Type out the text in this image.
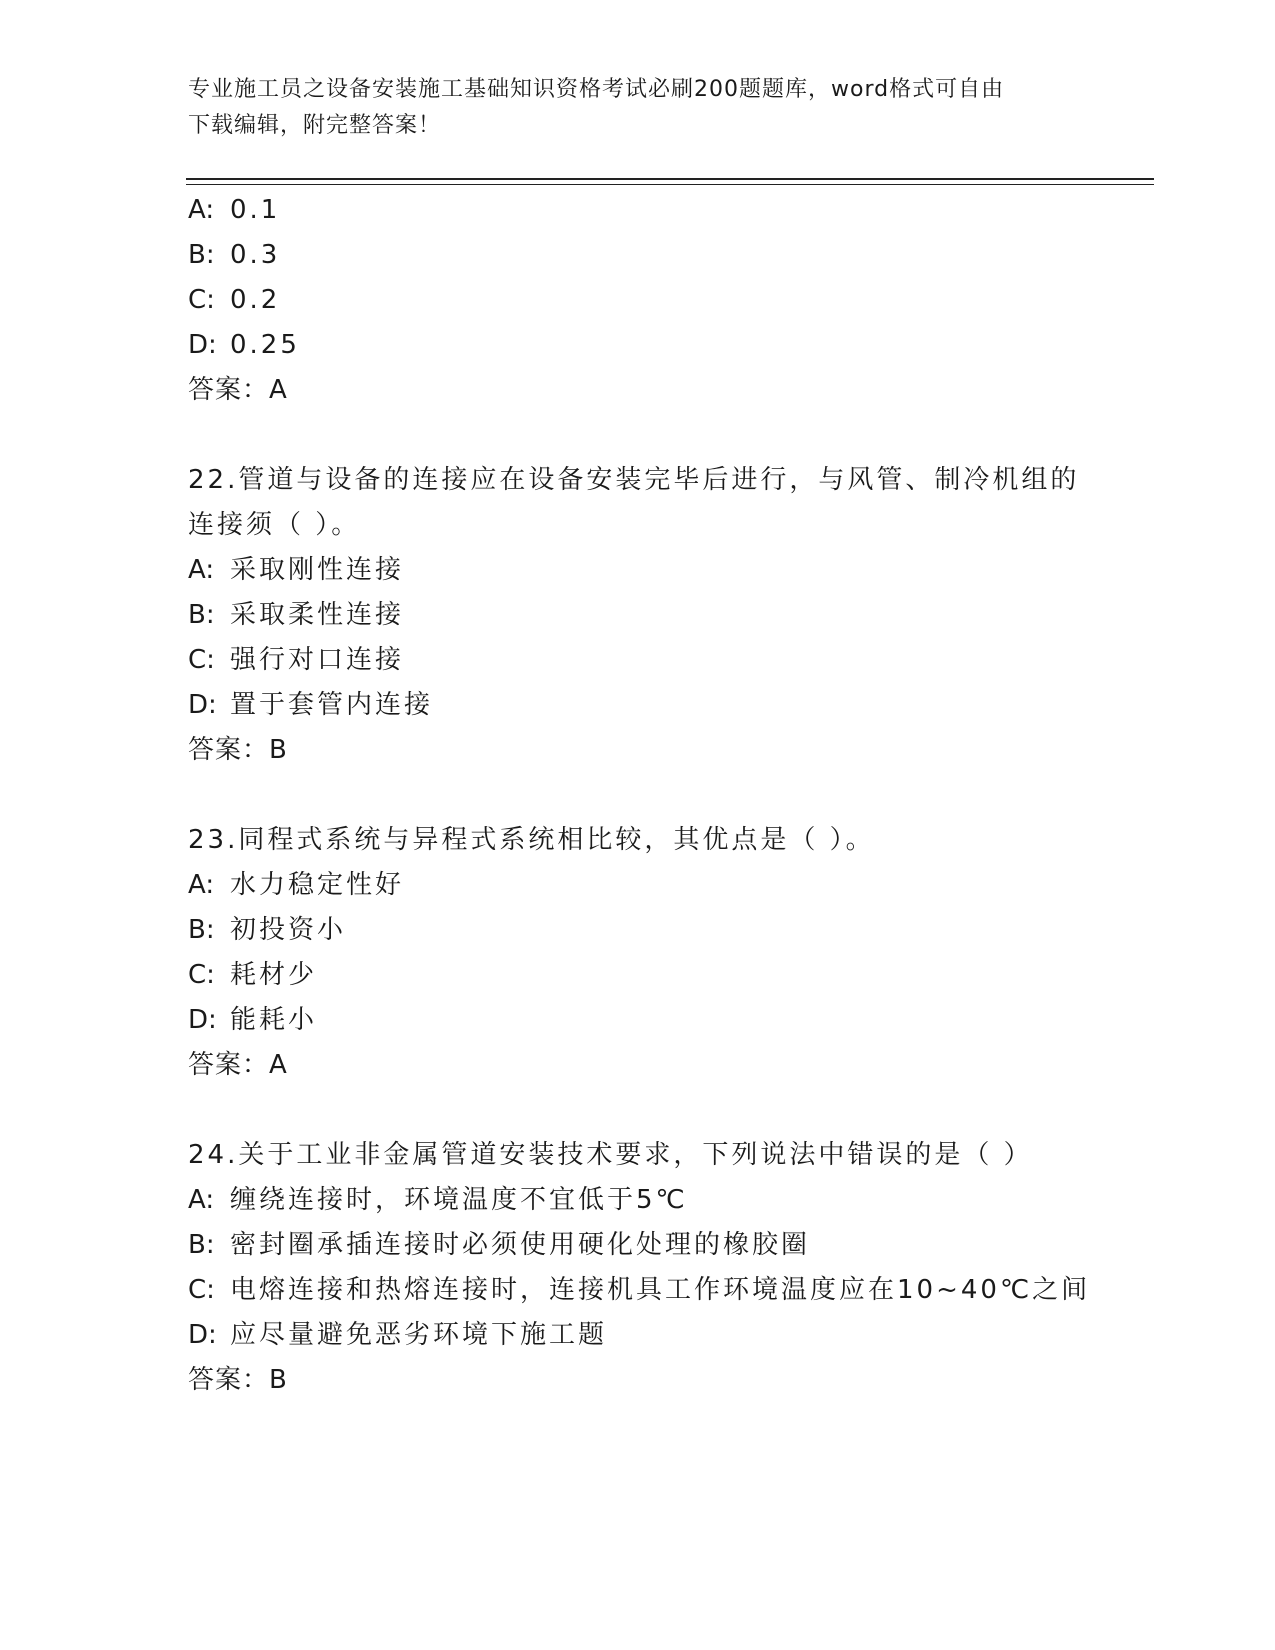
专业施工员之设备安装施工基础知识资格考试必刷200题题库，word格式可自由
下载编辑，附完整答案！
A: 0.1
B: 0.3
C: 0.2
D: 0.25
答案：A
22.管道与设备的连接应在设备安装完毕后进行，与风管、制冷机组的
连接须（ ）。
A: 采取刚性连接
B: 采取柔性连接
C: 强行对口连接
D: 置于套管内连接
答案：B
23.同程式系统与异程式系统相比较，其优点是（ ）。
A: 水力稳定性好
B: 初投资小
C: 耗材少
D: 能耗小
答案：A
24.关于工业非金属管道安装技术要求，下列说法中错误的是（ ）
A: 缠绕连接时，环境温度不宜低于5℃
B: 密封圈承插连接时必须使用硬化处理的橡胶圈
C: 电熔连接和热熔连接时，连接机具工作环境温度应在10~40℃之间
D: 应尽量避免恶劣环境下施工题
答案：B
